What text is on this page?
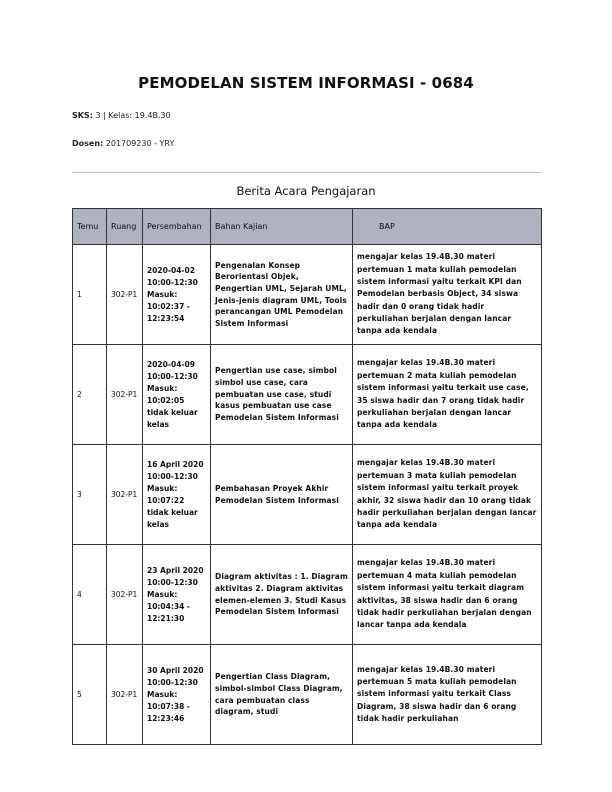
PEMODELAN SISTEM INFORMASI - 0684
SKS: 3 | Kelas: 19.4B.30
Dosen: 201709230 - YRY
Berita Acara Pengajaran
Temu	Ruang	Persembahan	Bahan Kajian	BAP
1	302-P1	2020-04-02 10:00-12:30 Masuk: 10:02:37 - 12:23:54	Pengenalan Konsep Berorientasi Objek, Pengertian UML, Sejarah UML, Jenis-jenis diagram UML, Tools perancangan UML Pemodelan Sistem Informasi	mengajar kelas 19.4B.30 materi pertemuan 1 mata kuliah pemodelan sistem informasi yaitu terkait KPI dan Pemodelan berbasis Object, 34 siswa hadir dan 0 orang tidak hadir perkuliahan berjalan dengan lancar tanpa ada kendala
2	302-P1	2020-04-09 10:00-12:30 Masuk: 10:02:05 tidak keluar kelas	Pengertian use case, simbol simbol use case, cara pembuatan use case, studi kasus pembuatan use case Pemodelan Sistem Informasi	mengajar kelas 19.4B.30 materi pertemuan 2 mata kuliah pemodelan sistem informasi yaitu terkait use case, 35 siswa hadir dan 7 orang tidak hadir perkuliahan berjalan dengan lancar tanpa ada kendala
3	302-P1	16 April 2020 10:00-12:30 Masuk: 10:07:22 tidak keluar kelas	Pembahasan Proyek Akhir Pemodelan Sistem Informasi	mengajar kelas 19.4B.30 materi pertemuan 3 mata kuliah pemodelan sistem informasi yaitu terkait proyek akhir, 32 siswa hadir dan 10 orang tidak hadir perkuliahan berjalan dengan lancar tanpa ada kendala
4	302-P1	23 April 2020 10:00-12:30 Masuk: 10:04:34 - 12:21:30	Diagram aktivitas : 1. Diagram aktivitas 2. Diagram aktivitas elemen-elemen 3. Studi Kasus Pemodelan Sistem Informasi	mengajar kelas 19.4B.30 materi pertemuan 4 mata kuliah pemodelan sistem informasi yaitu terkait diagram aktivitas, 38 siswa hadir dan 6 orang tidak hadir perkuliahan berjalan dengan lancar tanpa ada kendala
5	302-P1	30 April 2020 10:00-12:30 Masuk: 10:07:38 - 12:23:46	Pengertian Class Diagram, simbol-simbol Class Diagram, cara pembuatan class diagram, studi	mengajar kelas 19.4B.30 materi pertemuan 5 mata kuliah pemodelan sistem informasi yaitu terkait Class Diagram, 38 siswa hadir dan 6 orang tidak hadir perkuliahan
